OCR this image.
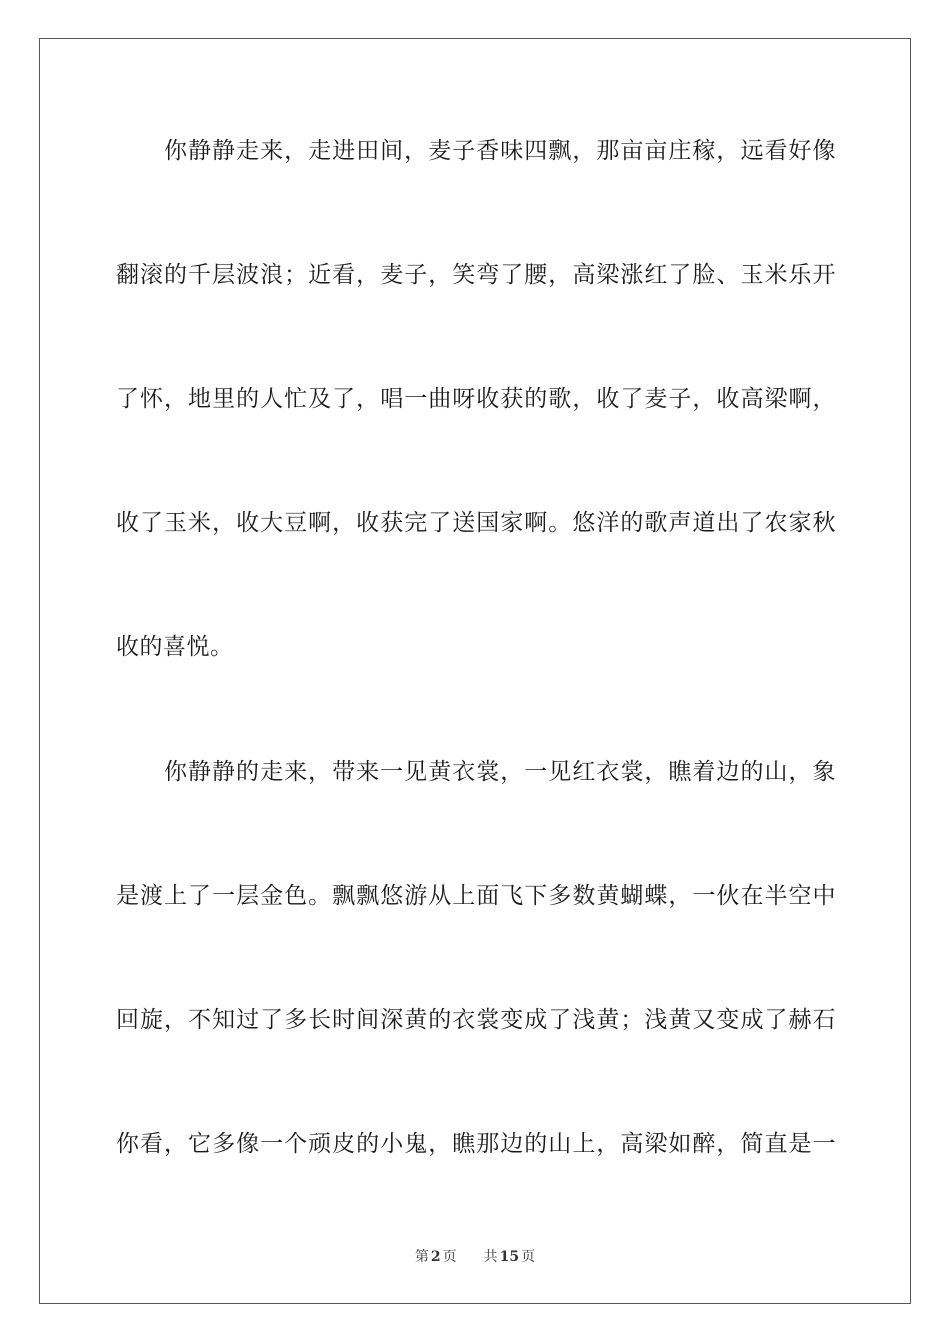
你静静走来，走进田间，麦子香味四飘，那亩亩庄稼，远看好像
翻滚的千层波浪；近看，麦子，笑弯了腰，高梁涨红了脸、玉米乐开
了怀，地里的人忙及了，唱一曲呀收获的歌，收了麦子，收高梁啊，
收了玉米，收大豆啊，收获完了送国家啊。悠洋的歌声道出了农家秋
收的喜悦。
你静静的走来，带来一见黄衣裳，一见红衣裳，瞧着边的山，象
是渡上了一层金色。飘飘悠游从上面飞下多数黄蝴蝶，一伙在半空中
回旋，不知过了多长时间深黄的衣裳变成了浅黄；浅黄又变成了赫石
你看，它多像一个顽皮的小鬼，瞧那边的山上，高梁如醉，简直是一
第 2 页 共 15 页
